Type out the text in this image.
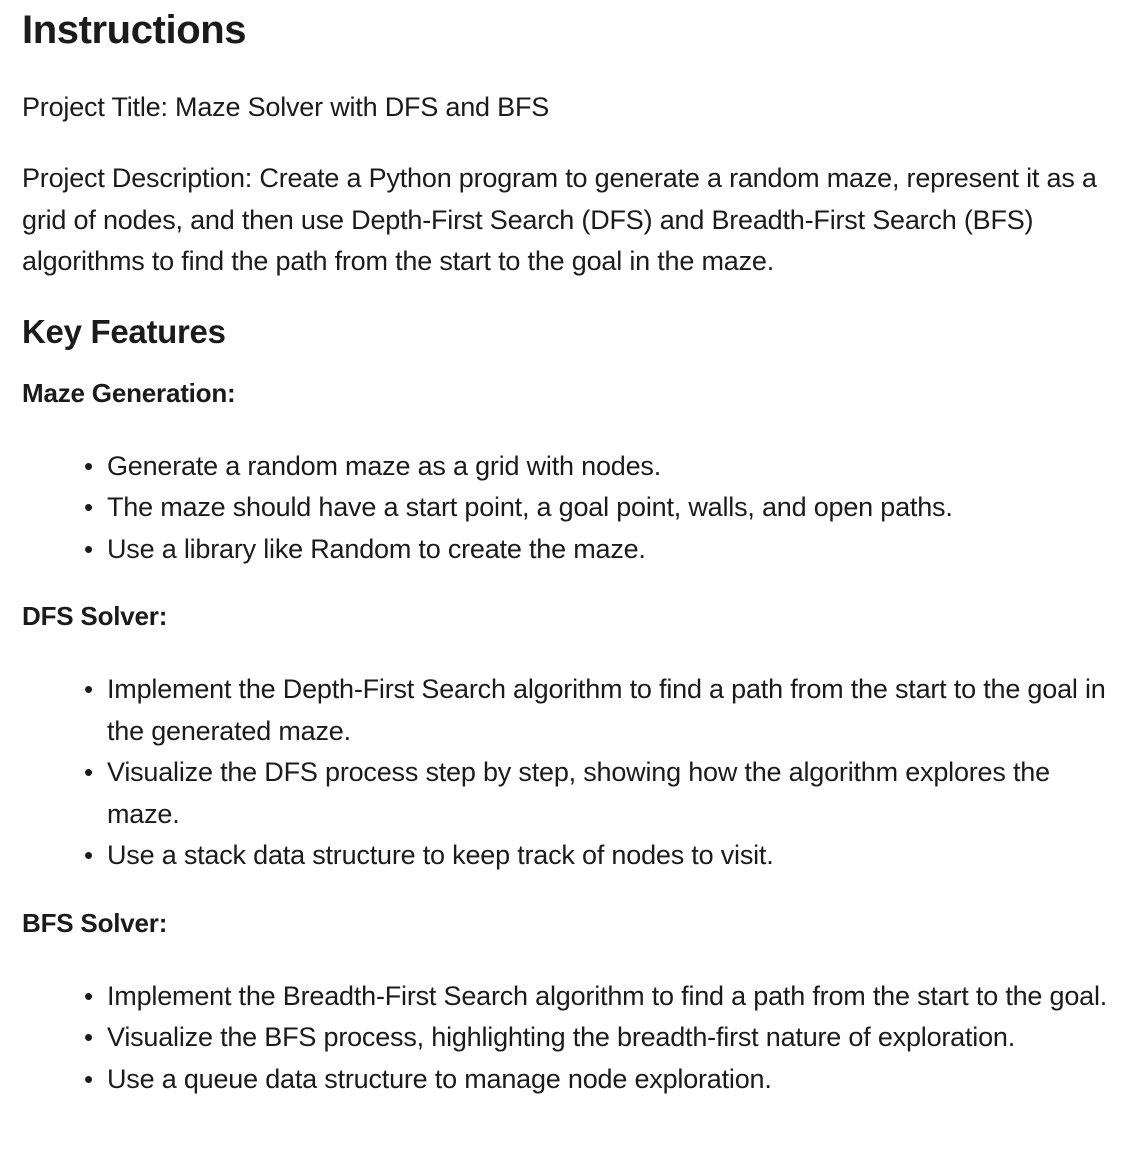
Instructions

Project Title: Maze Solver with DFS and BFS

Project Description: Create a Python program to generate a random maze, represent it as a grid of nodes, and then use Depth-First Search (DFS) and Breadth-First Search (BFS) algorithms to find the path from the start to the goal in the maze.

Key Features
Maze Generation:
• Generate a random maze as a grid with nodes.
• The maze should have a start point, a goal point, walls, and open paths.
• Use a library like Random to create the maze.
DFS Solver:
• Implement the Depth-First Search algorithm to find a path from the start to the goal in the generated maze.
• Visualize the DFS process step by step, showing how the algorithm explores the maze.
• Use a stack data structure to keep track of nodes to visit.
BFS Solver:
• Implement the Breadth-First Search algorithm to find a path from the start to the goal.
• Visualize the BFS process, highlighting the breadth-first nature of exploration.
• Use a queue data structure to manage node exploration.
